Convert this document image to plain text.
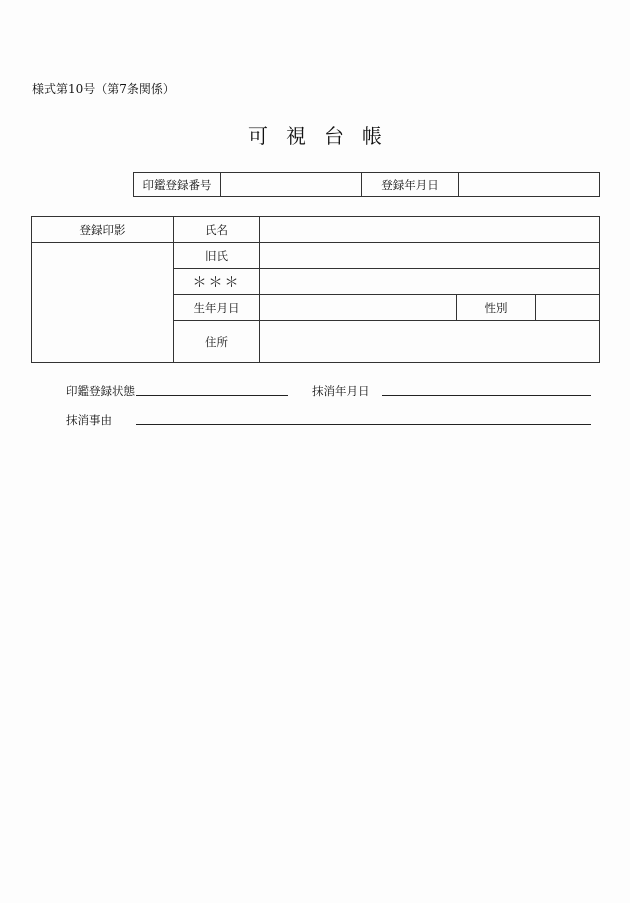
様式第10号（第7条関係）
可視台帳
印鑑登録番号		登録年月日	
登録印影	氏名			
	旧氏			
	＊＊＊			
	生年月日		性別	
	住所			
印鑑登録状態	抹消年月日
抹消事由
